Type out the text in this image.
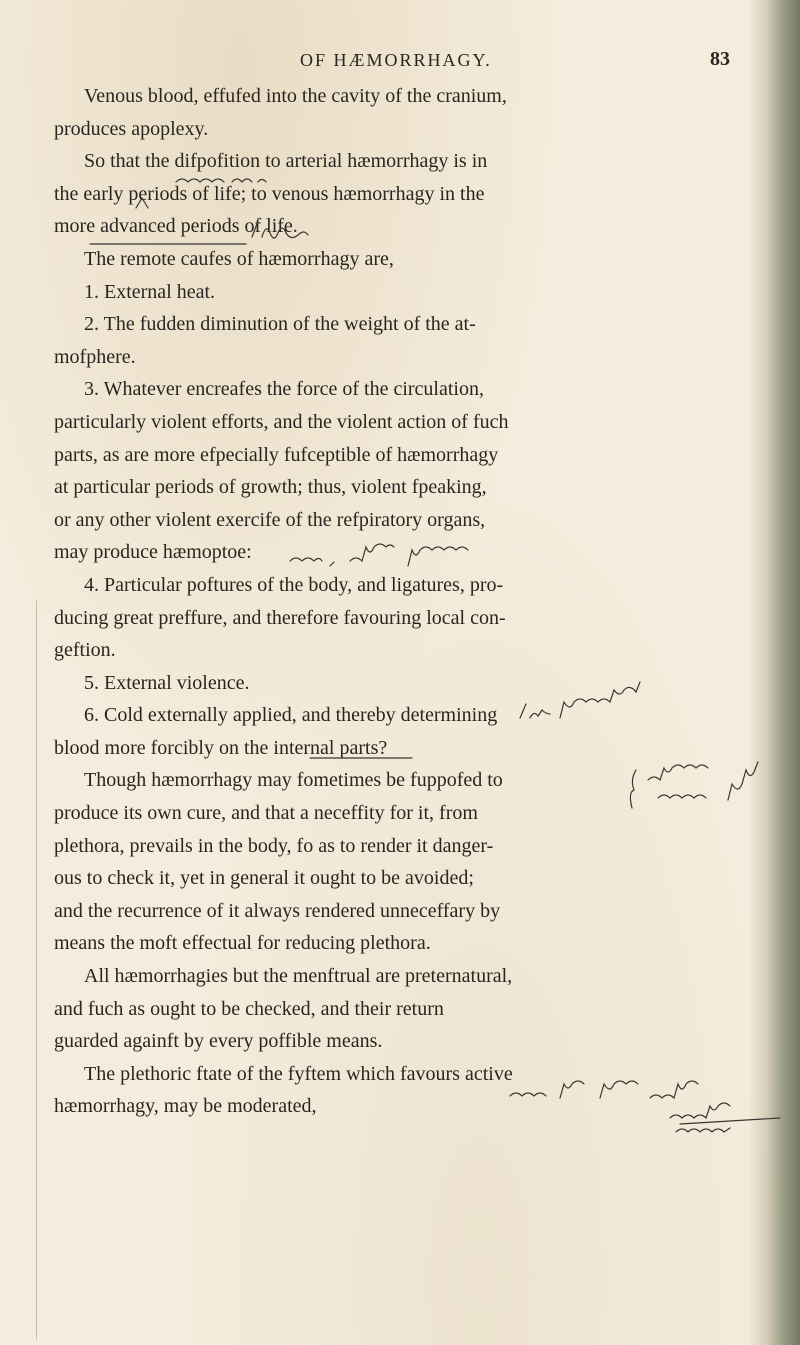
OF HÆMORRHAGY.	83
Venous blood, effufed into the cavity of the cranium,
produces apoplexy.
So that the difpofition to arterial hæmorrhagy is in
the early periods of life; to venous hæmorrhagy in the
more advanced periods of life.
The remote caufes of hæmorrhagy are,
1. External heat.
2. The fudden diminution of the weight of the at-
mofphere.
3. Whatever encreafes the force of the circulation,
particularly violent efforts, and the violent action of fuch
parts, as are more efpecially fufceptible of hæmorrhagy
at particular periods of growth; thus, violent fpeaking,
or any other violent exercife of the refpiratory organs,
may produce hæmoptoe:
4. Particular poftures of the body, and ligatures, pro-
ducing great preffure, and therefore favouring local con-
geftion.
5. External violence.
6. Cold externally applied, and thereby determining
blood more forcibly on the internal parts?
Though hæmorrhagy may fometimes be fuppofed to
produce its own cure, and that a neceffity for it, from
plethora, prevails in the body, fo as to render it danger-
ous to check it, yet in general it ought to be avoided;
and the recurrence of it always rendered unneceffary by
means the moft effectual for reducing plethora.
All hæmorrhagies but the menftrual are preternatural,
and fuch as ought to be checked, and their return
guarded againft by every poffible means.
The plethoric ftate of the fyftem which favours active
hæmorrhagy, may be moderated,
